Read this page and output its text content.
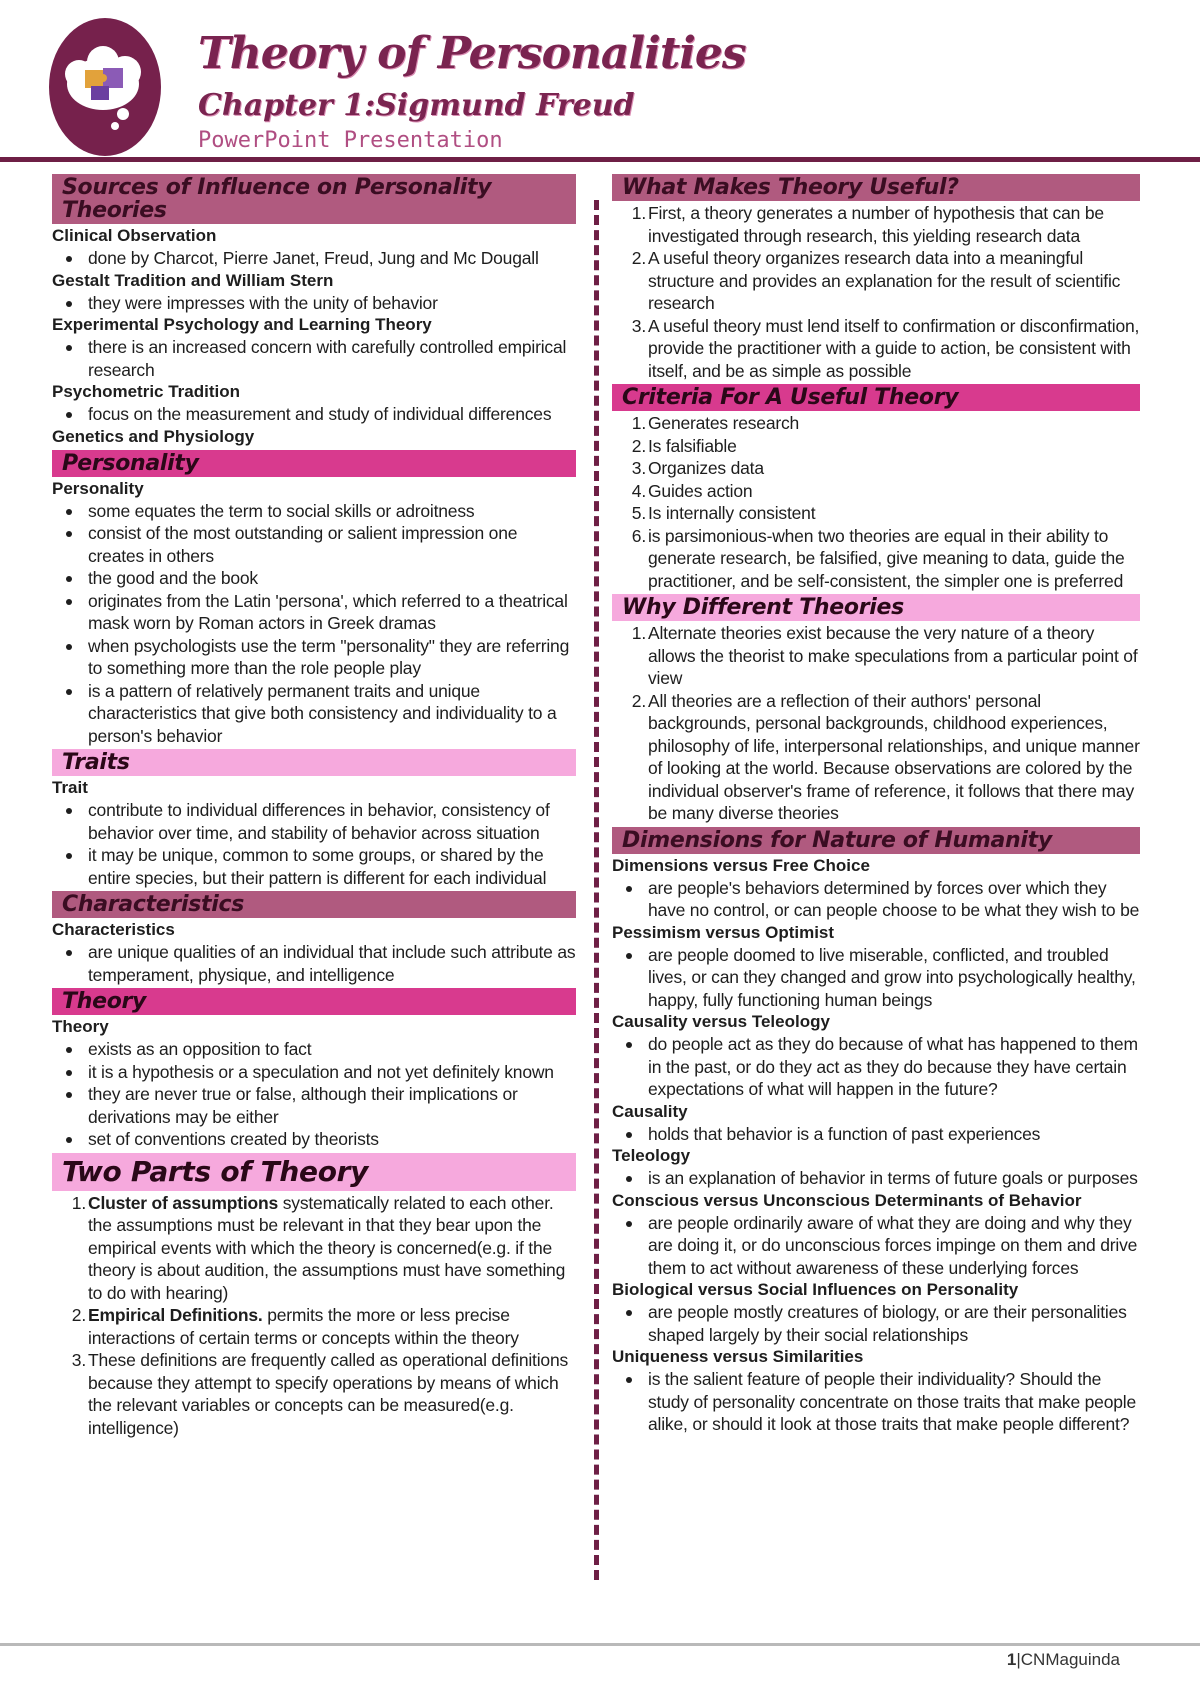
Theory of Personalities
Chapter 1:Sigmund Freud
PowerPoint Presentation
Sources of Influence on Personality Theories

Clinical Observation

done by Charcot, Pierre Janet, Freud, Jung and Mc Dougall

Gestalt Tradition and William Stern

they were impresses with the unity of behavior

Experimental Psychology and Learning Theory

there is an increased concern with carefully controlled empirical research

Psychometric Tradition

focus on the measurement and study of individual differences

Genetics and Physiology

Personality

Personality

some equates the term to social skills or adroitness
consist of the most outstanding or salient impression one creates in others
the good and the book
originates from the Latin 'persona', which referred to a theatrical mask worn by Roman actors in Greek dramas
when psychologists use the term "personality" they are referring to something more than the role people play
is a pattern of relatively permanent traits and unique characteristics that give both consistency and individuality to a person's behavior
Traits

Trait

contribute to individual differences in behavior, consistency of behavior over time, and stability of behavior across situation
it may be unique, common to some groups, or shared by the entire species, but their pattern is different for each individual
Characteristics

Characteristics

are unique qualities of an individual that include such attribute as temperament, physique, and intelligence
Theory

Theory

exists as an opposition to fact
it is a hypothesis or a speculation and not yet definitely known
they are never true or false, although their implications or derivations may be either
set of conventions created by theorists
Two Parts of Theory
1. Cluster of assumptions systematically related to each other. the assumptions must be relevant in that they bear upon the empirical events with which the theory is concerned(e.g. if the theory is about audition, the assumptions must have something to do with hearing)
2. Empirical Definitions. permits the more or less precise interactions of certain terms or concepts within the theory
3. These definitions are frequently called as operational definitions because they attempt to specify operations by means of which the relevant variables or concepts can be measured(e.g. intelligence)
What Makes Theory Useful?
1. First, a theory generates a number of hypothesis that can be investigated through research, this yielding research data
2. A useful theory organizes research data into a meaningful structure and provides an explanation for the result of scientific research
3. A useful theory must lend itself to confirmation or disconfirmation, provide the practitioner with a guide to action, be consistent with itself, and be as simple as possible
Criteria For A Useful Theory
1. Generates research
2. Is falsifiable
3. Organizes data
4. Guides action
5. Is internally consistent
6. is parsimonious-when two theories are equal in their ability to generate research, be falsified, give meaning to data, guide the practitioner, and be self-consistent, the simpler one is preferred
Why Different Theories
1. Alternate theories exist because the very nature of a theory allows the theorist to make speculations from a particular point of view
2. All theories are a reflection of their authors' personal backgrounds, personal backgrounds, childhood experiences, philosophy of life, interpersonal relationships, and unique manner of looking at the world. Because observations are colored by the individual observer's frame of reference, it follows that there may be many diverse theories
Dimensions for Nature of Humanity

Dimensions versus Free Choice

are people's behaviors determined by forces over which they have no control, or can people choose to be what they wish to be

Pessimism versus Optimist

are people doomed to live miserable, conflicted, and troubled lives, or can they changed and grow into psychologically healthy, happy, fully functioning human beings

Causality versus Teleology

do people act as they do because of what has happened to them in the past, or do they act as they do because they have certain expectations of what will happen in the future?

Causality

holds that behavior is a function of past experiences

Teleology

is an explanation of behavior in terms of future goals or purposes

Conscious versus Unconscious Determinants of Behavior

are people ordinarily aware of what they are doing and why they are doing it, or do unconscious forces impinge on them and drive them to act without awareness of these underlying forces

Biological versus Social Influences on Personality

are people mostly creatures of biology, or are their personalities shaped largely by their social relationships

Uniqueness versus Similarities

is the salient feature of people their individuality? Should the study of personality concentrate on those traits that make people alike, or should it look at those traits that make people different?
1|CNMaguinda
